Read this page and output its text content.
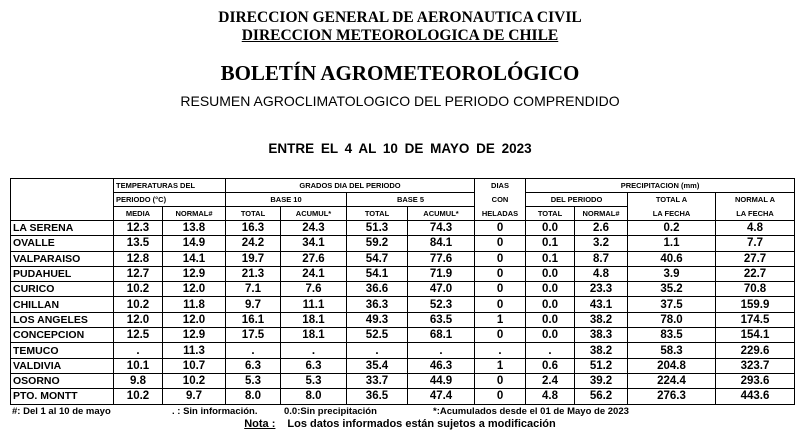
DIRECCION GENERAL DE AERONAUTICA CIVIL
DIRECCION METEOROLOGICA DE CHILE
BOLETÍN AGROMETEOROLÓGICO
RESUMEN AGROCLIMATOLOGICO DEL PERIODO COMPRENDIDO
ENTRE EL 4 AL 10 DE MAYO DE 2023
	TEMPERATURAS DEL		GRADOS DIA DEL PERIODO				DIAS	PRECIPITACION (mm)			
	PERIODO (°C)		BASE 10		BASE 5		CON	DEL PERIODO		TOTAL A	NORMAL A
	MEDIA	NORMAL#	TOTAL	ACUMUL*	TOTAL	ACUMUL*	HELADAS	TOTAL	NORMAL#	LA FECHA	LA FECHA
LA SERENA	12.3	13.8	16.3	24.3	51.3	74.3	0	0.0	2.6	0.2	4.8
OVALLE	13.5	14.9	24.2	34.1	59.2	84.1	0	0.1	3.2	1.1	7.7
VALPARAISO	12.8	14.1	19.7	27.6	54.7	77.6	0	0.1	8.7	40.6	27.7
PUDAHUEL	12.7	12.9	21.3	24.1	54.1	71.9	0	0.0	4.8	3.9	22.7
CURICO	10.2	12.0	7.1	7.6	36.6	47.0	0	0.0	23.3	35.2	70.8
CHILLAN	10.2	11.8	9.7	11.1	36.3	52.3	0	0.0	43.1	37.5	159.9
LOS ANGELES	12.0	12.0	16.1	18.1	49.3	63.5	1	0.0	38.2	78.0	174.5
CONCEPCION	12.5	12.9	17.5	18.1	52.5	68.1	0	0.0	38.3	83.5	154.1
TEMUCO	.	11.3	.	.	.	.	.	.	38.2	58.3	229.6
VALDIVIA	10.1	10.7	6.3	6.3	35.4	46.3	1	0.6	51.2	204.8	323.7
OSORNO	9.8	10.2	5.3	5.3	33.7	44.9	0	2.4	39.2	224.4	293.6
PTO. MONTT	10.2	9.7	8.0	8.0	36.5	47.4	0	4.8	56.2	276.3	443.6
#: Del 1 al 10 de mayo	. : Sin información.	0.0:Sin precipitación	*:Acumulados desde el 01 de Mayo de 2023
Nota : Los datos informados están sujetos a modificación
